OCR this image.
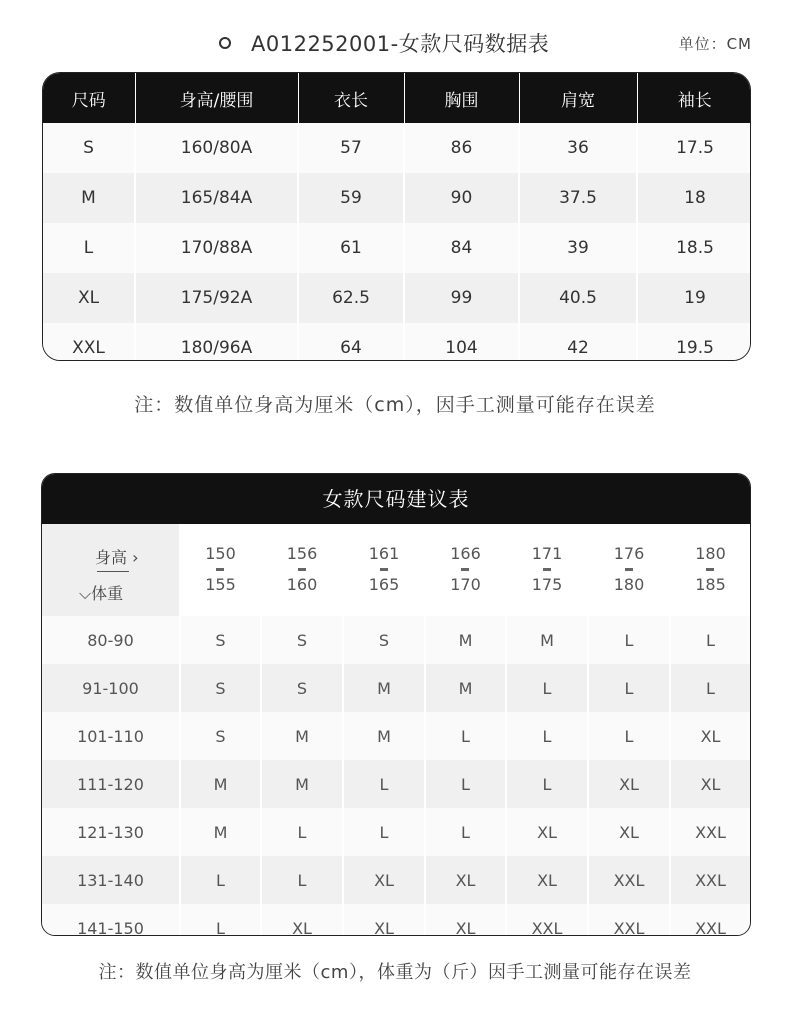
A012252001-女款尺码数据表	单位：CM
尺码	身高/腰围	衣长	胸围	肩宽	袖长
S	160/80A	57	86	36	17.5
M	165/84A	59	90	37.5	18
L	170/88A	61	84	39	18.5
XL	175/92A	62.5	99	40.5	19
XXL	180/96A	64	104	42	19.5
注：数值单位身高为厘米（cm），因手工测量可能存在误差
女款尺码建议表
身高 ›
⌵体重	$\frac{150}{155}$	$\frac{156}{160}$	$\frac{161}{165}$	$\frac{166}{170}$	$\frac{171}{175}$	$\frac{176}{180}$	$\frac{180}{185}$

80-90	S	S	S	M	M	L	L
91-100	S	S	M	M	L	L	L
101-110	S	M	M	L	L	L	XL
111-120	M	M	L	L	L	XL	XL
121-130	M	L	L	L	XL	XL	XXL
131-140	L	L	XL	XL	XL	XXL	XXL
141-150	L	XL	XL	XL	XXL	XXL	XXL
注：数值单位身高为厘米（cm），体重为（斤）因手工测量可能存在误差
